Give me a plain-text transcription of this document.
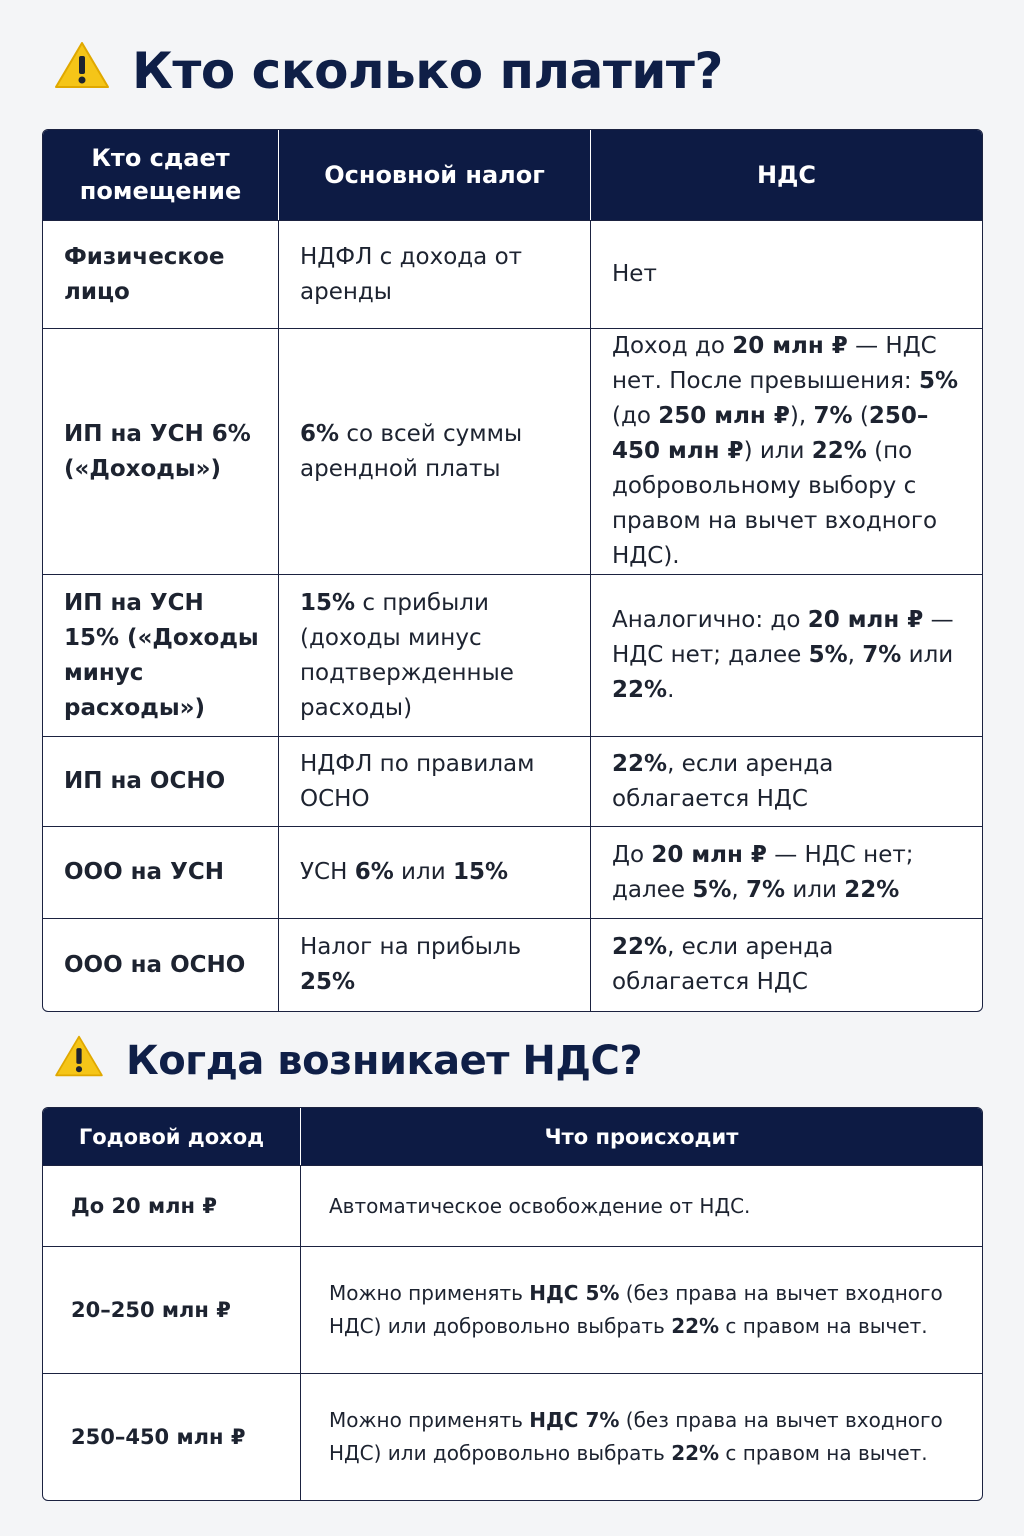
Кто сколько платит?
Кто сдает помещение	Основной налог	НДС
Физическое лицо	НДФЛ с дохода от аренды	Нет
ИП на УСН 6% («Доходы»)	6% со всей суммы арендной платы	Доход до 20 млн ₽ — НДС нет. После превышения: 5% (до 250 млн ₽), 7% (250–450 млн ₽) или 22% (по добровольному выбору с правом на вычет входного НДС).
ИП на УСН 15% («Доходы минус расходы»)	15% с прибыли (доходы минус подтвержденные расходы)	Аналогично: до 20 млн ₽ — НДС нет; далее 5%, 7% или 22%.
ИП на ОСНО	НДФЛ по правилам ОСНО	22%, если аренда облагается НДС
ООО на УСН	УСН 6% или 15%	До 20 млн ₽ — НДС нет; далее 5%, 7% или 22%
ООО на ОСНО	Налог на прибыль 25%	22%, если аренда облагается НДС
Когда возникает НДС?
Годовой доход	Что происходит
До 20 млн ₽	Автоматическое освобождение от НДС.
20–250 млн ₽	Можно применять НДС 5% (без права на вычет входного НДС) или добровольно выбрать 22% с правом на вычет.
250–450 млн ₽	Можно применять НДС 7% (без права на вычет входного НДС) или добровольно выбрать 22% с правом на вычет.
